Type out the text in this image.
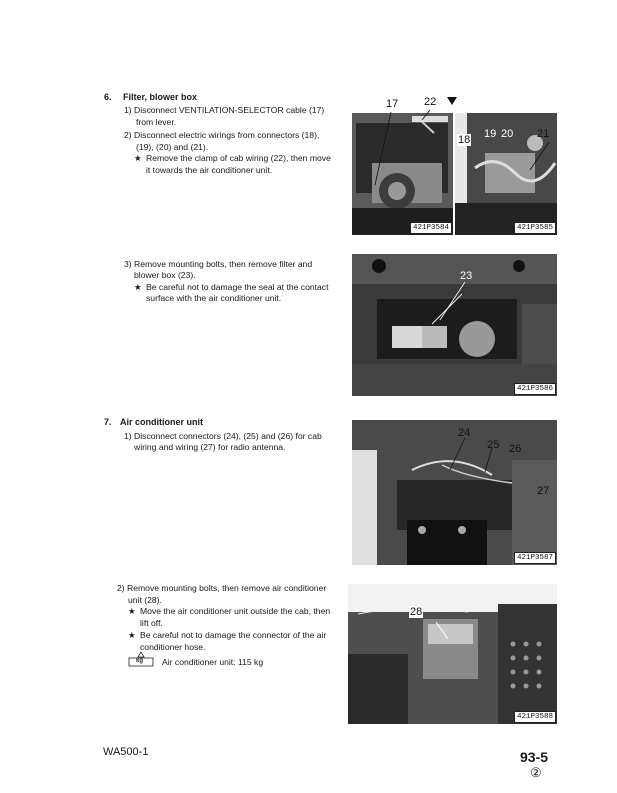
6. Filter, blower box
1) Disconnect VENTILATION-SELECTOR cable (17)
from lever.
2) Disconnect electric wirings from connectors (18),
(19), (20) and (21).
★ Remove the clamp of cab wiring (22), then move
it towards the air conditioner unit.
3) Remove mounting bolts, then remove filter and
blower box (23).
★ Be careful not to damage the seal at the contact
surface with the air conditioner unit.
7. Air conditioner unit
1) Disconnect connectors (24), (25) and (26) for cab
wiring and wiring (27) for radio antenna.
2) Remove mounting bolts, then remove air conditioner
unit (28).
★ Move the air conditioner unit outside the cab, then
lift off.
★ Be careful not to damage the connector of the air
conditioner hose.
kg Air conditioner unit: 115 kg
421P3584	421P3585
421P3586
421P3587
421P3588
17 22
18 19 20 21
23
24
25 26
27
28
WA500-1	93-5
②
